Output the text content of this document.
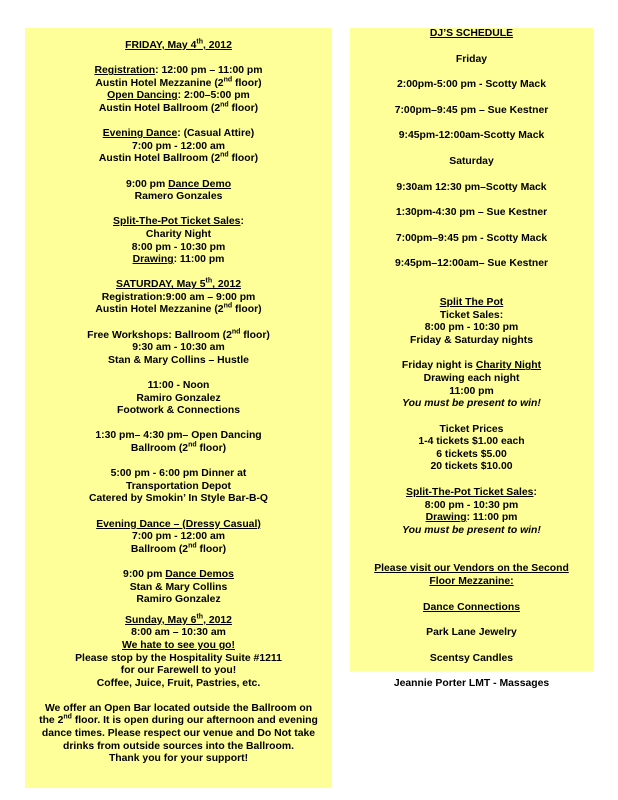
FRIDAY, May 4th, 2012
Registration: 12:00 pm – 11:00 pm
Austin Hotel Mezzanine (2nd floor)
Open Dancing: 2:00–5:00 pm
Austin Hotel Ballroom (2nd floor)
Evening Dance: (Casual Attire)
7:00 pm - 12:00 am
Austin Hotel Ballroom (2nd floor)
9:00 pm Dance Demo
Ramero Gonzales
Split-The-Pot Ticket Sales:
Charity Night
8:00 pm - 10:30 pm
Drawing: 11:00 pm
SATURDAY, May 5th, 2012
Registration:9:00 am – 9:00 pm
Austin Hotel Mezzanine (2nd floor)
Free Workshops: Ballroom (2nd floor)
9:30 am - 10:30 am
Stan & Mary Collins – Hustle
11:00 - Noon
Ramiro Gonzalez
Footwork & Connections
1:30 pm– 4:30 pm– Open Dancing
Ballroom (2nd floor)
5:00 pm - 6:00 pm Dinner at
Transportation Depot
Catered by Smokin’ In Style Bar-B-Q
Evening Dance – (Dressy Casual)
7:00 pm - 12:00 am
Ballroom (2nd floor)
9:00 pm Dance Demos
Stan & Mary Collins
Ramiro Gonzalez
Sunday, May 6th, 2012
8:00 am – 10:30 am
We hate to see you go!
Please stop by the Hospitality Suite #1211
for our Farewell to you!
Coffee, Juice, Fruit, Pastries, etc.
We offer an Open Bar located outside the Ballroom on
the 2nd floor. It is open during our afternoon and evening
dance times. Please respect our venue and Do Not take
drinks from outside sources into the Ballroom.
Thank you for your support!
DJ’S SCHEDULE
Friday
2:00pm-5:00 pm - Scotty Mack
7:00pm–9:45 pm – Sue Kestner
9:45pm-12:00am-Scotty Mack
Saturday
9:30am 12:30 pm–Scotty Mack
1:30pm-4:30 pm – Sue Kestner
7:00pm–9:45 pm - Scotty Mack
9:45pm–12:00am– Sue Kestner
Split The Pot
Ticket Sales:
8:00 pm - 10:30 pm
Friday & Saturday nights
Friday night is Charity Night
Drawing each night
11:00 pm
You must be present to win!
Ticket Prices
1-4 tickets $1.00 each
6 tickets $5.00
20 tickets $10.00
Split-The-Pot Ticket Sales:
8:00 pm - 10:30 pm
Drawing: 11:00 pm
You must be present to win!
Please visit our Vendors on the Second
Floor Mezzanine:
Dance Connections
Park Lane Jewelry
Scentsy Candles
Jeannie Porter LMT - Massages
